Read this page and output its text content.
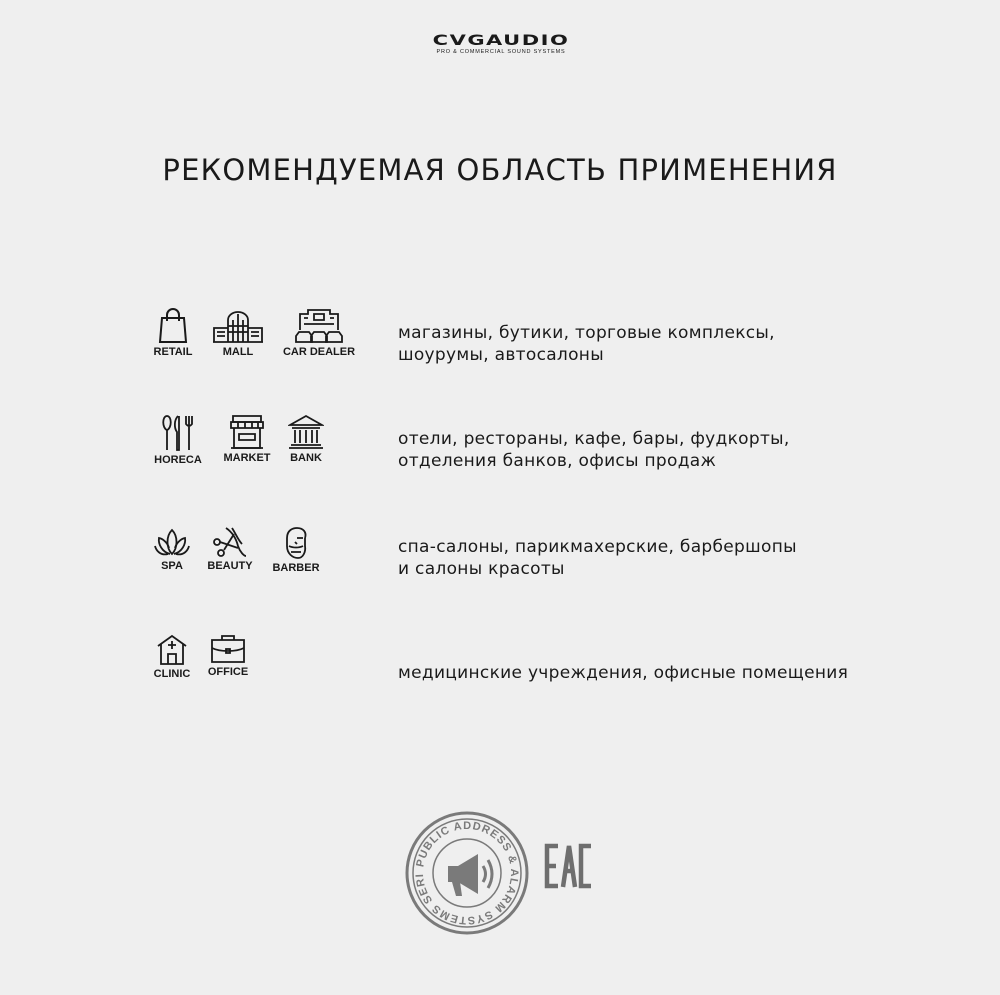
CVGAUDIO
PRO & COMMERCIAL SOUND SYSTEMS
РЕКОМЕНДУЕМАЯ ОБЛАСТЬ ПРИМЕНЕНИЯ
RETAIL	MALL	CAR DEALER
магазины, бутики, торговые комплексы,
шоурумы, автосалоны
HORECA	MARKET	BANK
отели, рестораны, кафе, бары, фудкорты,
отделения банков, офисы продаж
SPA	BEAUTY	BARBER
спа-салоны, парикмахерские, барбершопы
и салоны красоты
CLINIC OFFICE	медицинские учреждения, офисные помещения
PUBLIC ADDRESS & ALARM SYSTEMS SERI
